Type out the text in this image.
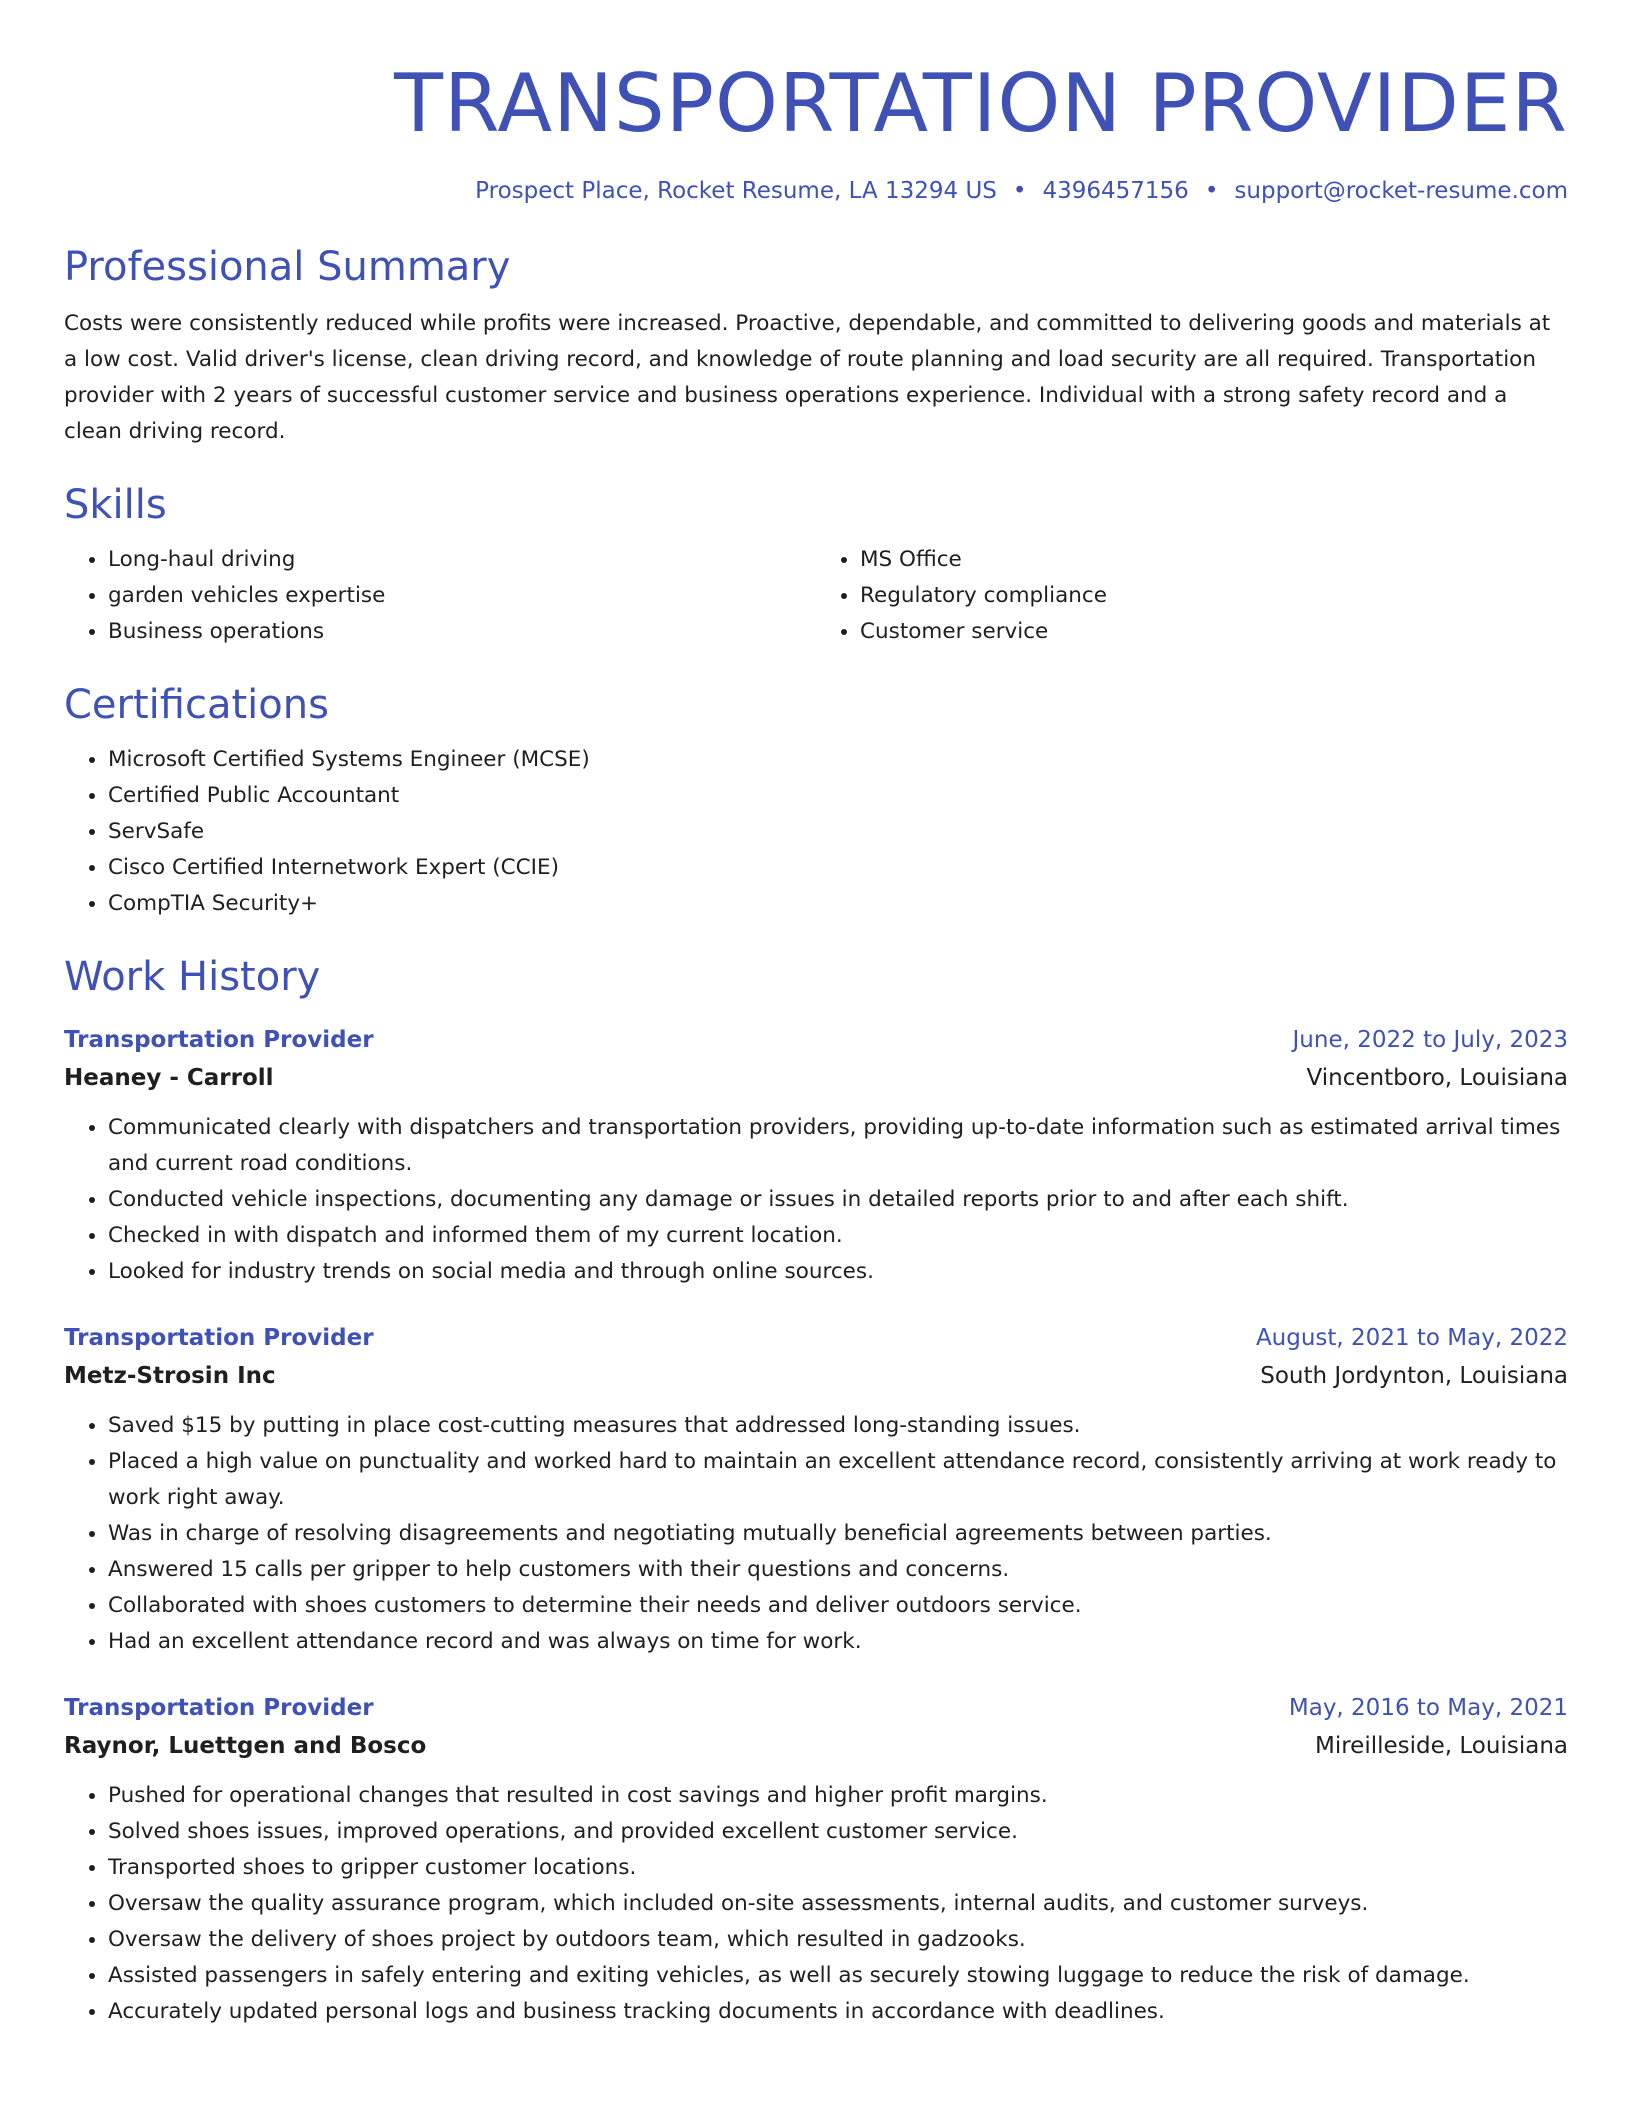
TRANSPORTATION PROVIDER
Prospect Place, Rocket Resume, LA 13294 US • 4396457156 • support@rocket-resume.com
Professional Summary

Costs were consistently reduced while profits were increased. Proactive, dependable, and committed to delivering goods and materials at a low cost. Valid driver's license, clean driving record, and knowledge of route planning and load security are all required. Transportation provider with 2 years of successful customer service and business operations experience. Individual with a strong safety record and a clean driving record.

Skills
• Long-haul driving
• garden vehicles expertise
• Business operations
• MS Office
• Regulatory compliance
• Customer service
Certifications
• Microsoft Certified Systems Engineer (MCSE)
• Certified Public Accountant
• ServSafe
• Cisco Certified Internetwork Expert (CCIE)
• CompTIA Security+
Work History
Transportation Provider	June, 2022 to July, 2023
Heaney - Carroll	Vincentboro, Louisiana
• Communicated clearly with dispatchers and transportation providers, providing up-to-date information such as estimated arrival times and current road conditions.
• Conducted vehicle inspections, documenting any damage or issues in detailed reports prior to and after each shift.
• Checked in with dispatch and informed them of my current location.
• Looked for industry trends on social media and through online sources.
Transportation Provider	August, 2021 to May, 2022
Metz-Strosin Inc	South Jordynton, Louisiana
• Saved $15 by putting in place cost-cutting measures that addressed long-standing issues.
• Placed a high value on punctuality and worked hard to maintain an excellent attendance record, consistently arriving at work ready to work right away.
• Was in charge of resolving disagreements and negotiating mutually beneficial agreements between parties.
• Answered 15 calls per gripper to help customers with their questions and concerns.
• Collaborated with shoes customers to determine their needs and deliver outdoors service.
• Had an excellent attendance record and was always on time for work.
Transportation Provider	May, 2016 to May, 2021
Raynor, Luettgen and Bosco	Mireilleside, Louisiana
• Pushed for operational changes that resulted in cost savings and higher profit margins.
• Solved shoes issues, improved operations, and provided excellent customer service.
• Transported shoes to gripper customer locations.
• Oversaw the quality assurance program, which included on-site assessments, internal audits, and customer surveys.
• Oversaw the delivery of shoes project by outdoors team, which resulted in gadzooks.
• Assisted passengers in safely entering and exiting vehicles, as well as securely stowing luggage to reduce the risk of damage.
• Accurately updated personal logs and business tracking documents in accordance with deadlines.
